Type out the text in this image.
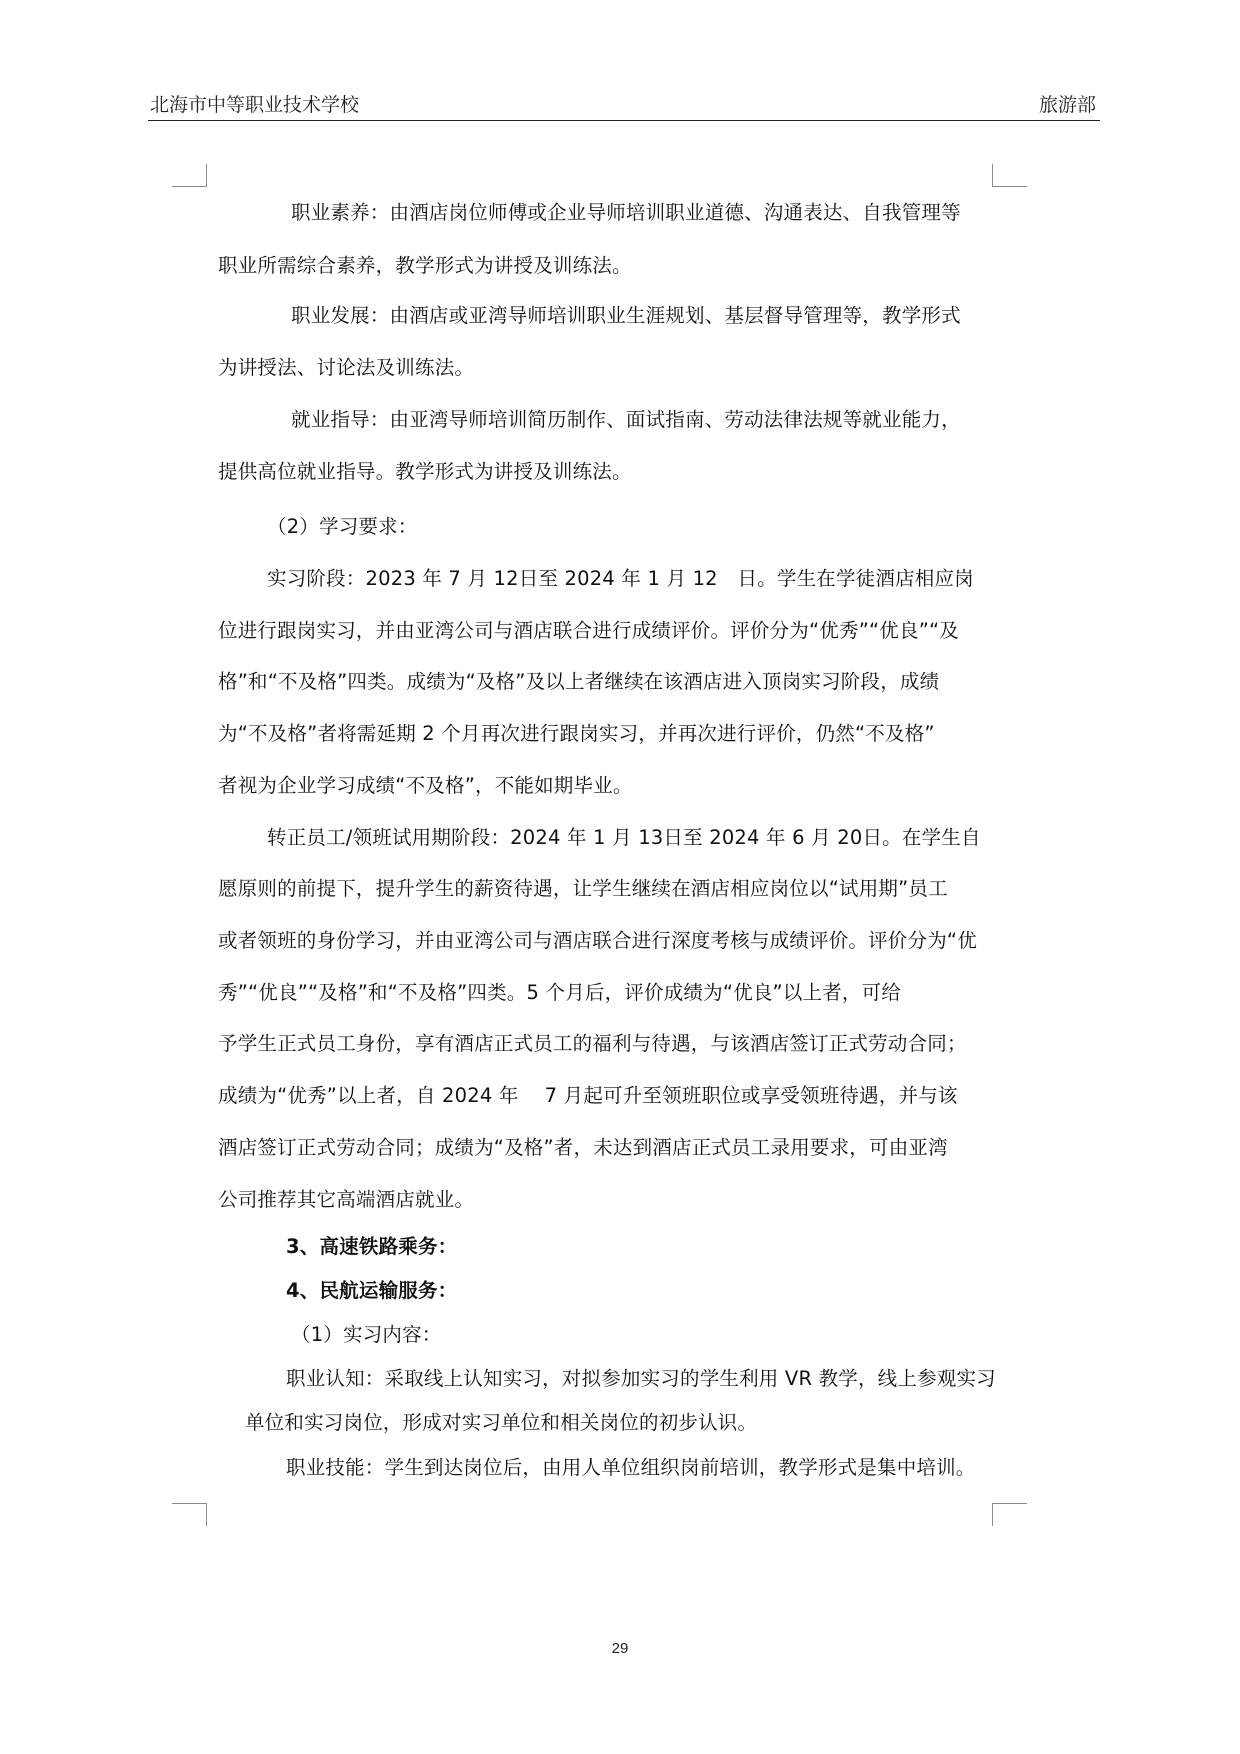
北海市中等职业技术学校	旅游部
职业素养：由酒店岗位师傅或企业导师培训职业道德、沟通表达、自我管理等
职业所需综合素养，教学形式为讲授及训练法。
职业发展：由酒店或亚湾导师培训职业生涯规划、基层督导管理等，教学形式
为讲授法、讨论法及训练法。
就业指导：由亚湾导师培训简历制作、面试指南、劳动法律法规等就业能力，
提供高位就业指导。教学形式为讲授及训练法。
（2）学习要求：
实习阶段：2023 年 7 月 12日至 2024 年 1 月 12　日。学生在学徒酒店相应岗
位进行跟岗实习，并由亚湾公司与酒店联合进行成绩评价。评价分为“优秀”“优良”“及
格”和“不及格”四类。成绩为“及格”及以上者继续在该酒店进入顶岗实习阶段，成绩
为“不及格”者将需延期 2 个月再次进行跟岗实习，并再次进行评价，仍然“不及格”
者视为企业学习成绩“不及格”，不能如期毕业。
转正员工/领班试用期阶段：2024 年 1 月 13日至 2024 年 6 月 20日。在学生自
愿原则的前提下，提升学生的薪资待遇，让学生继续在酒店相应岗位以“试用期”员工
或者领班的身份学习，并由亚湾公司与酒店联合进行深度考核与成绩评价。评价分为“优
秀”“优良”“及格”和“不及格”四类。5 个月后，评价成绩为“优良”以上者，可给
予学生正式员工身份，享有酒店正式员工的福利与待遇，与该酒店签订正式劳动合同；
成绩为“优秀”以上者，自 2024 年　 7 月起可升至领班职位或享受领班待遇，并与该
酒店签订正式劳动合同；成绩为“及格”者，未达到酒店正式员工录用要求，可由亚湾
公司推荐其它高端酒店就业。
3、高速铁路乘务：
4、民航运输服务：
（1）实习内容：
职业认知：采取线上认知实习，对拟参加实习的学生利用 VR 教学，线上参观实习
单位和实习岗位，形成对实习单位和相关岗位的初步认识。
职业技能：学生到达岗位后，由用人单位组织岗前培训，教学形式是集中培训。
29
